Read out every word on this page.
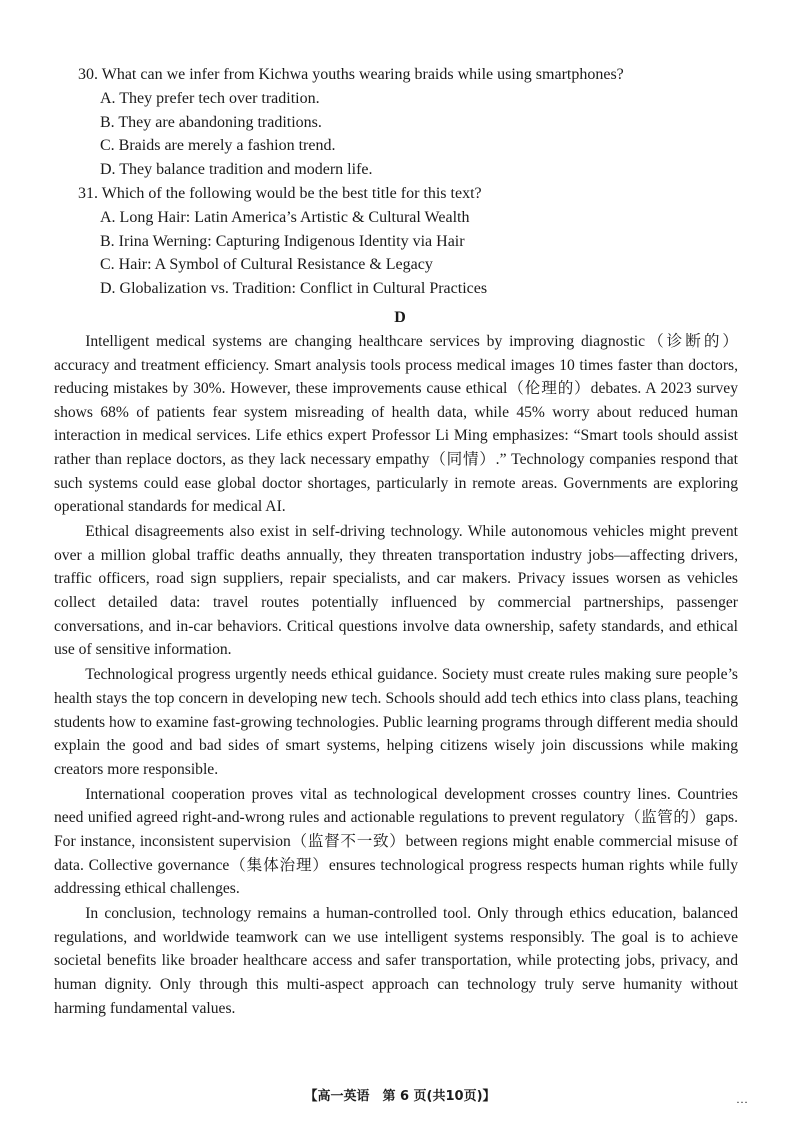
30. What can we infer from Kichwa youths wearing braids while using smartphones?

A. They prefer tech over tradition.

B. They are abandoning traditions.

C. Braids are merely a fashion trend.

D. They balance tradition and modern life.

31. Which of the following would be the best title for this text?

A. Long Hair: Latin America’s Artistic & Cultural Wealth

B. Irina Werning: Capturing Indigenous Identity via Hair

C. Hair: A Symbol of Cultural Resistance & Legacy

D. Globalization vs. Tradition: Conflict in Cultural Practices

D

Intelligent medical systems are changing healthcare services by improving diagnostic（诊断的）accuracy and treatment efficiency. Smart analysis tools process medical images 10 times faster than doctors, reducing mistakes by 30%. However, these improvements cause ethical（伦理的）debates. A 2023 survey shows 68% of patients fear system misreading of health data, while 45% worry about reduced human interaction in medical services. Life ethics expert Professor Li Ming emphasizes: “Smart tools should assist rather than replace doctors, as they lack necessary empathy（同情）.” Technology companies respond that such systems could ease global doctor shortages, particularly in remote areas. Governments are exploring operational standards for medical AI.

Ethical disagreements also exist in self-driving technology. While autonomous vehicles might prevent over a million global traffic deaths annually, they threaten transportation industry jobs—affecting drivers, traffic officers, road sign suppliers, repair specialists, and car makers. Privacy issues worsen as vehicles collect detailed data: travel routes potentially influenced by commercial partnerships, passenger conversations, and in-car behaviors. Critical questions involve data ownership, safety standards, and ethical use of sensitive information.

Technological progress urgently needs ethical guidance. Society must create rules making sure people’s health stays the top concern in developing new tech. Schools should add tech ethics into class plans, teaching students how to examine fast-growing technologies. Public learning programs through different media should explain the good and bad sides of smart systems, helping citizens wisely join discussions while making creators more responsible.

International cooperation proves vital as technological development crosses country lines. Countries need unified agreed right-and-wrong rules and actionable regulations to prevent regulatory（监管的）gaps. For instance, inconsistent supervision（监督不一致）between regions might enable commercial misuse of data. Collective governance（集体治理）ensures technological progress respects human rights while fully addressing ethical challenges.

In conclusion, technology remains a human-controlled tool. Only through ethics education, balanced regulations, and worldwide teamwork can we use intelligent systems responsibly. The goal is to achieve societal benefits like broader healthcare access and safer transportation, while protecting jobs, privacy, and human dignity. Only through this multi-aspect approach can technology truly serve humanity without harming fundamental values.

【高一英语　第 6 页(共10页)】	…
